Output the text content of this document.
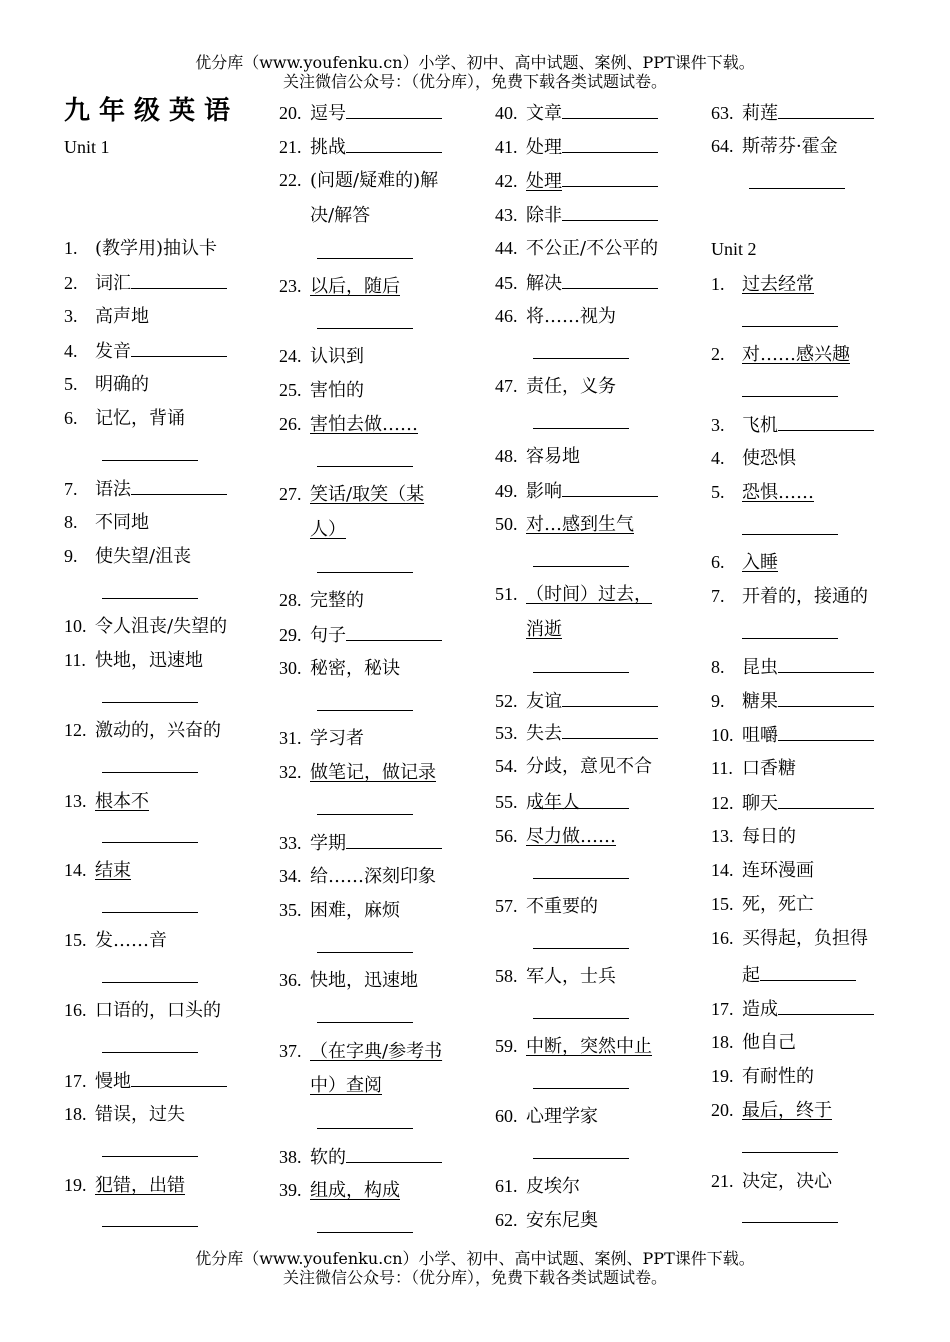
优分库（www.youfenku.cn）小学、初中、高中试题、案例、PPT课件下载。
关注微信公众号：（优分库），免费下载各类试题试卷。
九年级英语
Unit 1
Unit 2
1. (教学用)抽认卡
2. 词汇
3. 高声地
4. 发音
5. 明确的
6. 记忆，背诵
7. 语法
8. 不同地
9. 使失望/沮丧
10. 令人沮丧/失望的
11. 快地，迅速地
12. 激动的，兴奋的
13. 根本不
14. 结束
15. 发……音
16. 口语的，口头的
17. 慢地
18. 错误，过失
19. 犯错，出错
20. 逗号
21. 挑战
22. (问题/疑难的)解
决/解答
23. 以后，随后
24. 认识到
25. 害怕的
26. 害怕去做……
27. 笑话/取笑（某
人）
28. 完整的
29. 句子
30. 秘密，秘诀
31. 学习者
32. 做笔记，做记录
33. 学期
34. 给……深刻印象
35. 困难，麻烦
36. 快地，迅速地
37. （在字典/参考书
中）查阅
38. 软的
39. 组成，构成
40. 文章
41. 处理
42. 处理
43. 除非
44. 不公正/不公平的
45. 解决
46. 将……视为
47. 责任，义务
48. 容易地
49. 影响
50. 对…感到生气
51. （时间）过去，
消逝
52. 友谊
53. 失去
54. 分歧，意见不合
55. 成年人
56. 尽力做……
57. 不重要的
58. 军人，士兵
59. 中断，突然中止
60. 心理学家
61. 皮埃尔
62. 安东尼奥
63. 莉莲
64. 斯蒂芬·霍金
1. 过去经常
2. 对……感兴趣
3. 飞机
4. 使恐惧
5. 恐惧……
6. 入睡
7. 开着的，接通的
8. 昆虫
9. 糖果
10. 咀嚼
11. 口香糖
12. 聊天
13. 每日的
14. 连环漫画
15. 死，死亡
16. 买得起，负担得
起
17. 造成
18. 他自己
19. 有耐性的
20. 最后，终于
21. 决定，决心
优分库（www.youfenku.cn）小学、初中、高中试题、案例、PPT课件下载。
关注微信公众号：（优分库），免费下载各类试题试卷。
